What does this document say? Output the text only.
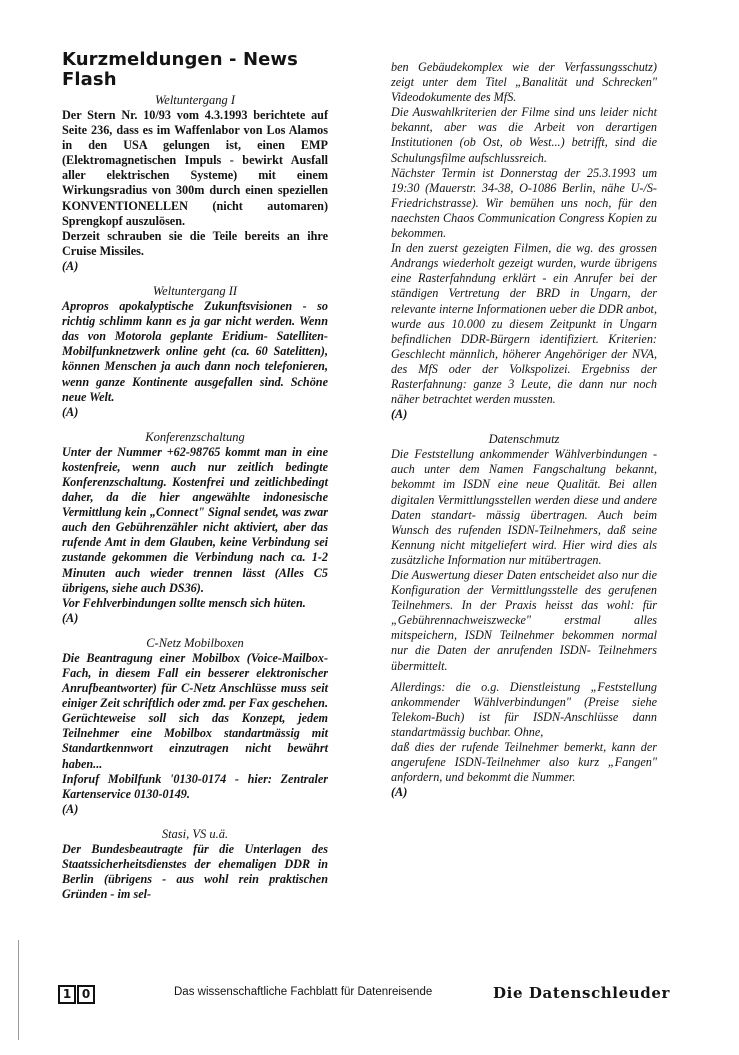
Kurzmeldungen - News Flash
Weltuntergang I

Der Stern Nr. 10/93 vom 4.3.1993 berichtete auf Seite 236, dass es im Waffenlabor von Los Alamos in den USA gelungen ist, einen EMP (Elektromagnetischen Impuls - bewirkt Ausfall aller elektrischen Systeme) mit einem Wirkungsradius von 300m durch einen speziellen KONVENTIONELLEN (nicht automaren) Sprengkopf auszulösen.

Derzeit schrauben sie die Teile bereits an ihre Cruise Missiles.

(A)

Weltuntergang II

Apropros apokalyptische Zukunftsvisionen - so richtig schlimm kann es ja gar nicht werden. Wenn das von Motorola geplante Eridium- Satelliten-Mobilfunknetzwerk online geht (ca. 60 Satelitten), können Menschen ja auch dann noch telefonieren, wenn ganze Kontinente ausgefallen sind. Schöne neue Welt.

(A)

Konferenzschaltung

Unter der Nummer +62-98765 kommt man in eine kostenfreie, wenn auch nur zeitlich bedingte Konferenzschaltung. Kostenfrei und zeitlichbedingt daher, da die hier angewählte indonesische Vermittlung kein „Connect" Signal sendet, was zwar auch den Gebührenzähler nicht aktiviert, aber das rufende Amt in dem Glauben, keine Verbindung sei zustande gekommen die Verbindung nach ca. 1-2 Minuten auch wieder trennen lässt (Alles C5 übrigens, siehe auch DS36).

Vor Fehlverbindungen sollte mensch sich hüten.

(A)

C-Netz Mobilboxen

Die Beantragung einer Mobilbox (Voice-Mailbox-Fach, in diesem Fall ein besserer elektronischer Anrufbeantworter) für C-Netz Anschlüsse muss seit einiger Zeit schriftlich oder zmd. per Fax geschehen. Gerüchteweise soll sich das Konzept, jedem Teilnehmer eine Mobilbox standartmässig mit Standartkennwort einzutragen nicht bewährt haben...

Inforuf Mobilfunk '0130-0174 - hier: Zentraler Kartenservice 0130-0149.

(A)

Stasi, VS u.ä.

Der Bundesbeautragte für die Unterlagen des Staatssicherheitsdienstes der ehemaligen DDR in Berlin (übrigens - aus wohl rein praktischen Gründen - im sel-

ben Gebäudekomplex wie der Verfassungsschutz) zeigt unter dem Titel „Banalität und Schrecken" Videodokumente des MfS.

Die Auswahlkriterien der Filme sind uns leider nicht bekannt, aber was die Arbeit von derartigen Institutionen (ob Ost, ob West...) betrifft, sind die Schulungsfilme aufschlussreich.

Nächster Termin ist Donnerstag der 25.3.1993 um 19:30 (Mauerstr. 34-38, O-1086 Berlin, nähe U-/S-Friedrichstrasse). Wir bemühen uns noch, für den naechsten Chaos Communication Congress Kopien zu bekommen.

In den zuerst gezeigten Filmen, die wg. des grossen Andrangs wiederholt gezeigt wurden, wurde übrigens eine Rasterfahndung erklärt - ein Anrufer bei der ständigen Vertretung der BRD in Ungarn, der relevante interne Informationen ueber die DDR anbot, wurde aus 10.000 zu diesem Zeitpunkt in Ungarn befindlichen DDR-Bürgern identifiziert. Kriterien: Geschlecht männlich, höherer Angehöriger der NVA, des MfS oder der Volkspolizei. Ergebniss der Rasterfahnung: ganze 3 Leute, die dann nur noch näher betrachtet werden mussten.

(A)

Datenschmutz

Die Feststellung ankommender Wählverbindungen - auch unter dem Namen Fangschaltung bekannt, bekommt im ISDN eine neue Qualität. Bei allen digitalen Vermittlungsstellen werden diese und andere Daten standart- mässig übertragen. Auch beim Wunsch des rufenden ISDN-Teilnehmers, daß seine Kennung nicht mitgeliefert wird. Hier wird dies als zusätzliche Information nur mitübertragen.

Die Auswertung dieser Daten entscheidet also nur die Konfiguration der Vermittlungsstelle des gerufenen Teilnehmers. In der Praxis heisst das wohl: für „Gebührennachweiszwecke" erstmal alles mitspeichern, ISDN Teilnehmer bekommen normal nur die Daten der anrufenden ISDN- Teilnehmers übermittelt.

Allerdings: die o.g. Dienstleistung „Feststellung ankommender Wählverbindungen" (Preise siehe Telekom-Buch) ist für ISDN-Anschlüsse dann standartmässig buchbar. Ohne,

daß dies der rufende Teilnehmer bemerkt, kann der angerufene ISDN-Teilnehmer also kurz „Fangen" anfordern, und bekommt die Nummer.

(A)

1 0	Das wissenschaftliche Fachblatt für Datenreisende	Die Datenschleuder
